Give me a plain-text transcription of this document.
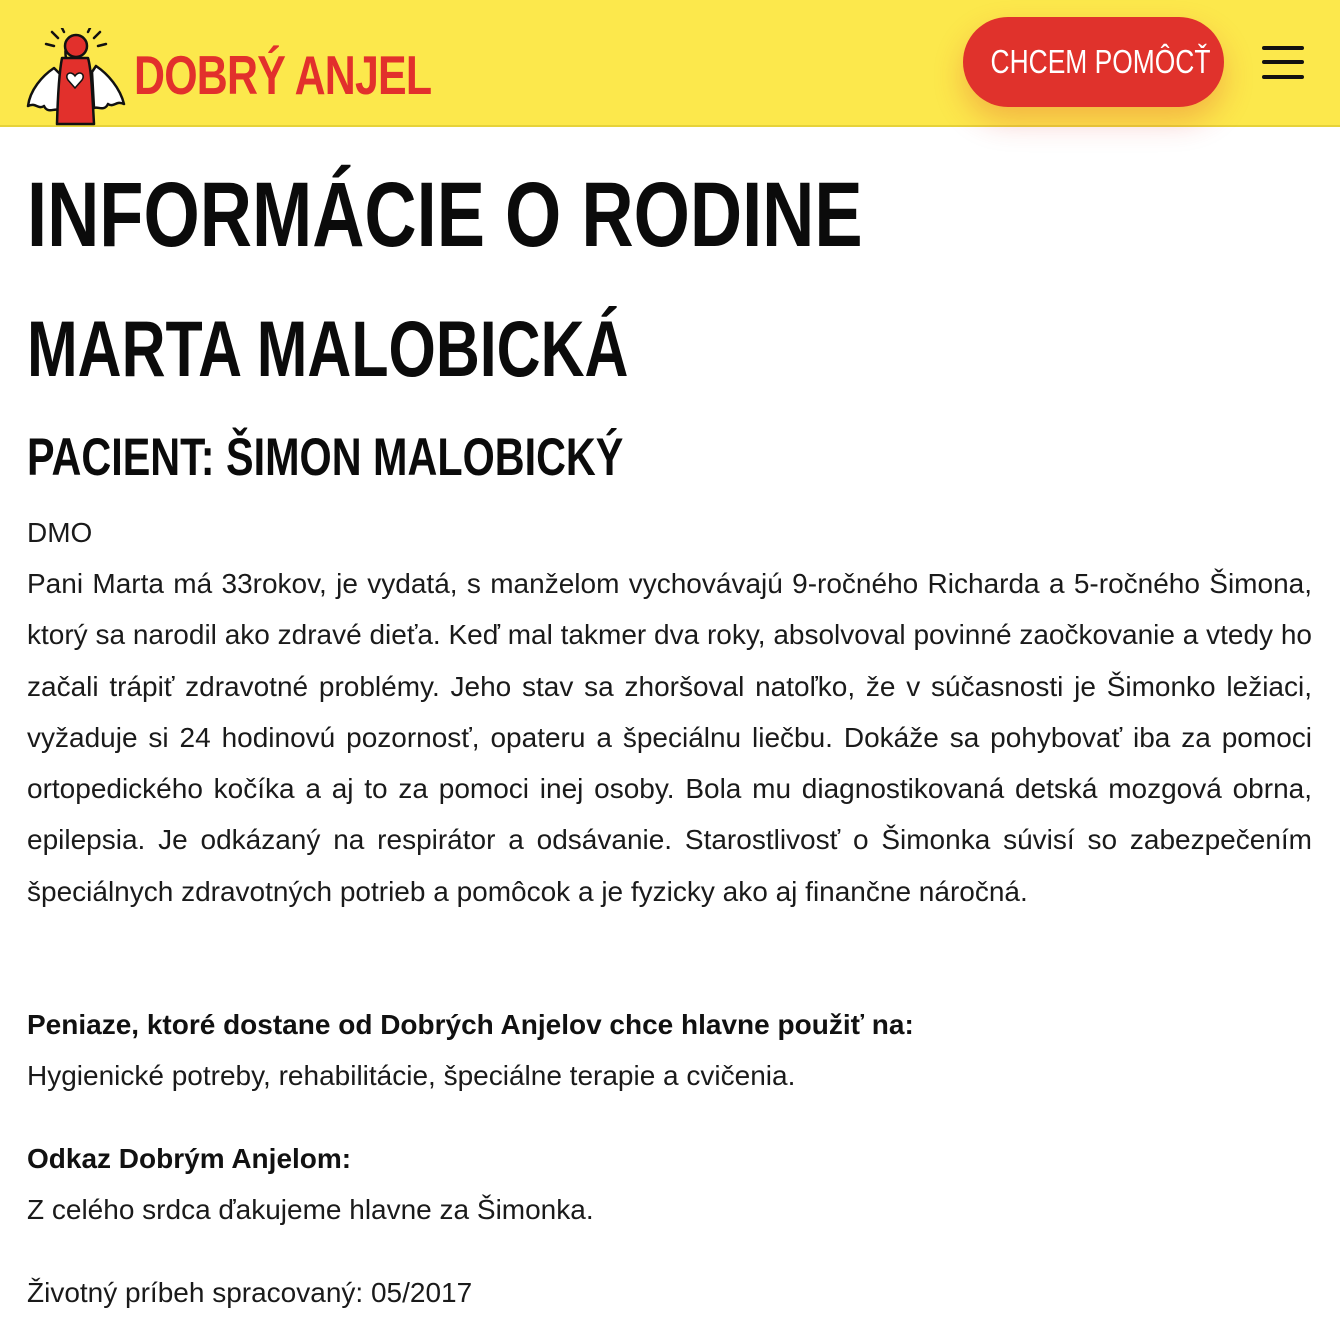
DOBRÝ ANJEL	CHCEM POMÔCŤ
INFORMÁCIE O RODINE
MARTA MALOBICKÁ
PACIENT: ŠIMON MALOBICKÝ
DMO

Pani Marta má 33rokov, je vydatá, s manželom vychovávajú 9-ročného Richarda a 5-ročného Šimona, ktorý sa narodil ako zdravé dieťa. Keď mal takmer dva roky, absolvoval povinné zaočkovanie a vtedy ho začali trápiť zdravotné problémy. Jeho stav sa zhoršoval natoľko, že v súčasnosti je Šimonko ležiaci, vyžaduje si 24 hodinovú pozornosť, opateru a špeciálnu liečbu. Dokáže sa pohybovať iba za pomoci ortopedického kočíka a aj to za pomoci inej osoby. Bola mu diagnostikovaná detská mozgová obrna, epilepsia. Je odkázaný na respirátor a odsávanie. Starostlivosť o Šimonka súvisí so zabezpečením špeciálnych zdravotných potrieb a pomôcok a je fyzicky ako aj finančne náročná.

Peniaze, ktoré dostane od Dobrých Anjelov chce hlavne použiť na:
Hygienické potreby, rehabilitácie, špeciálne terapie a cvičenia.
Odkaz Dobrým Anjelom:
Z celého srdca ďakujeme hlavne za Šimonka.
Životný príbeh spracovaný: 05/2017
